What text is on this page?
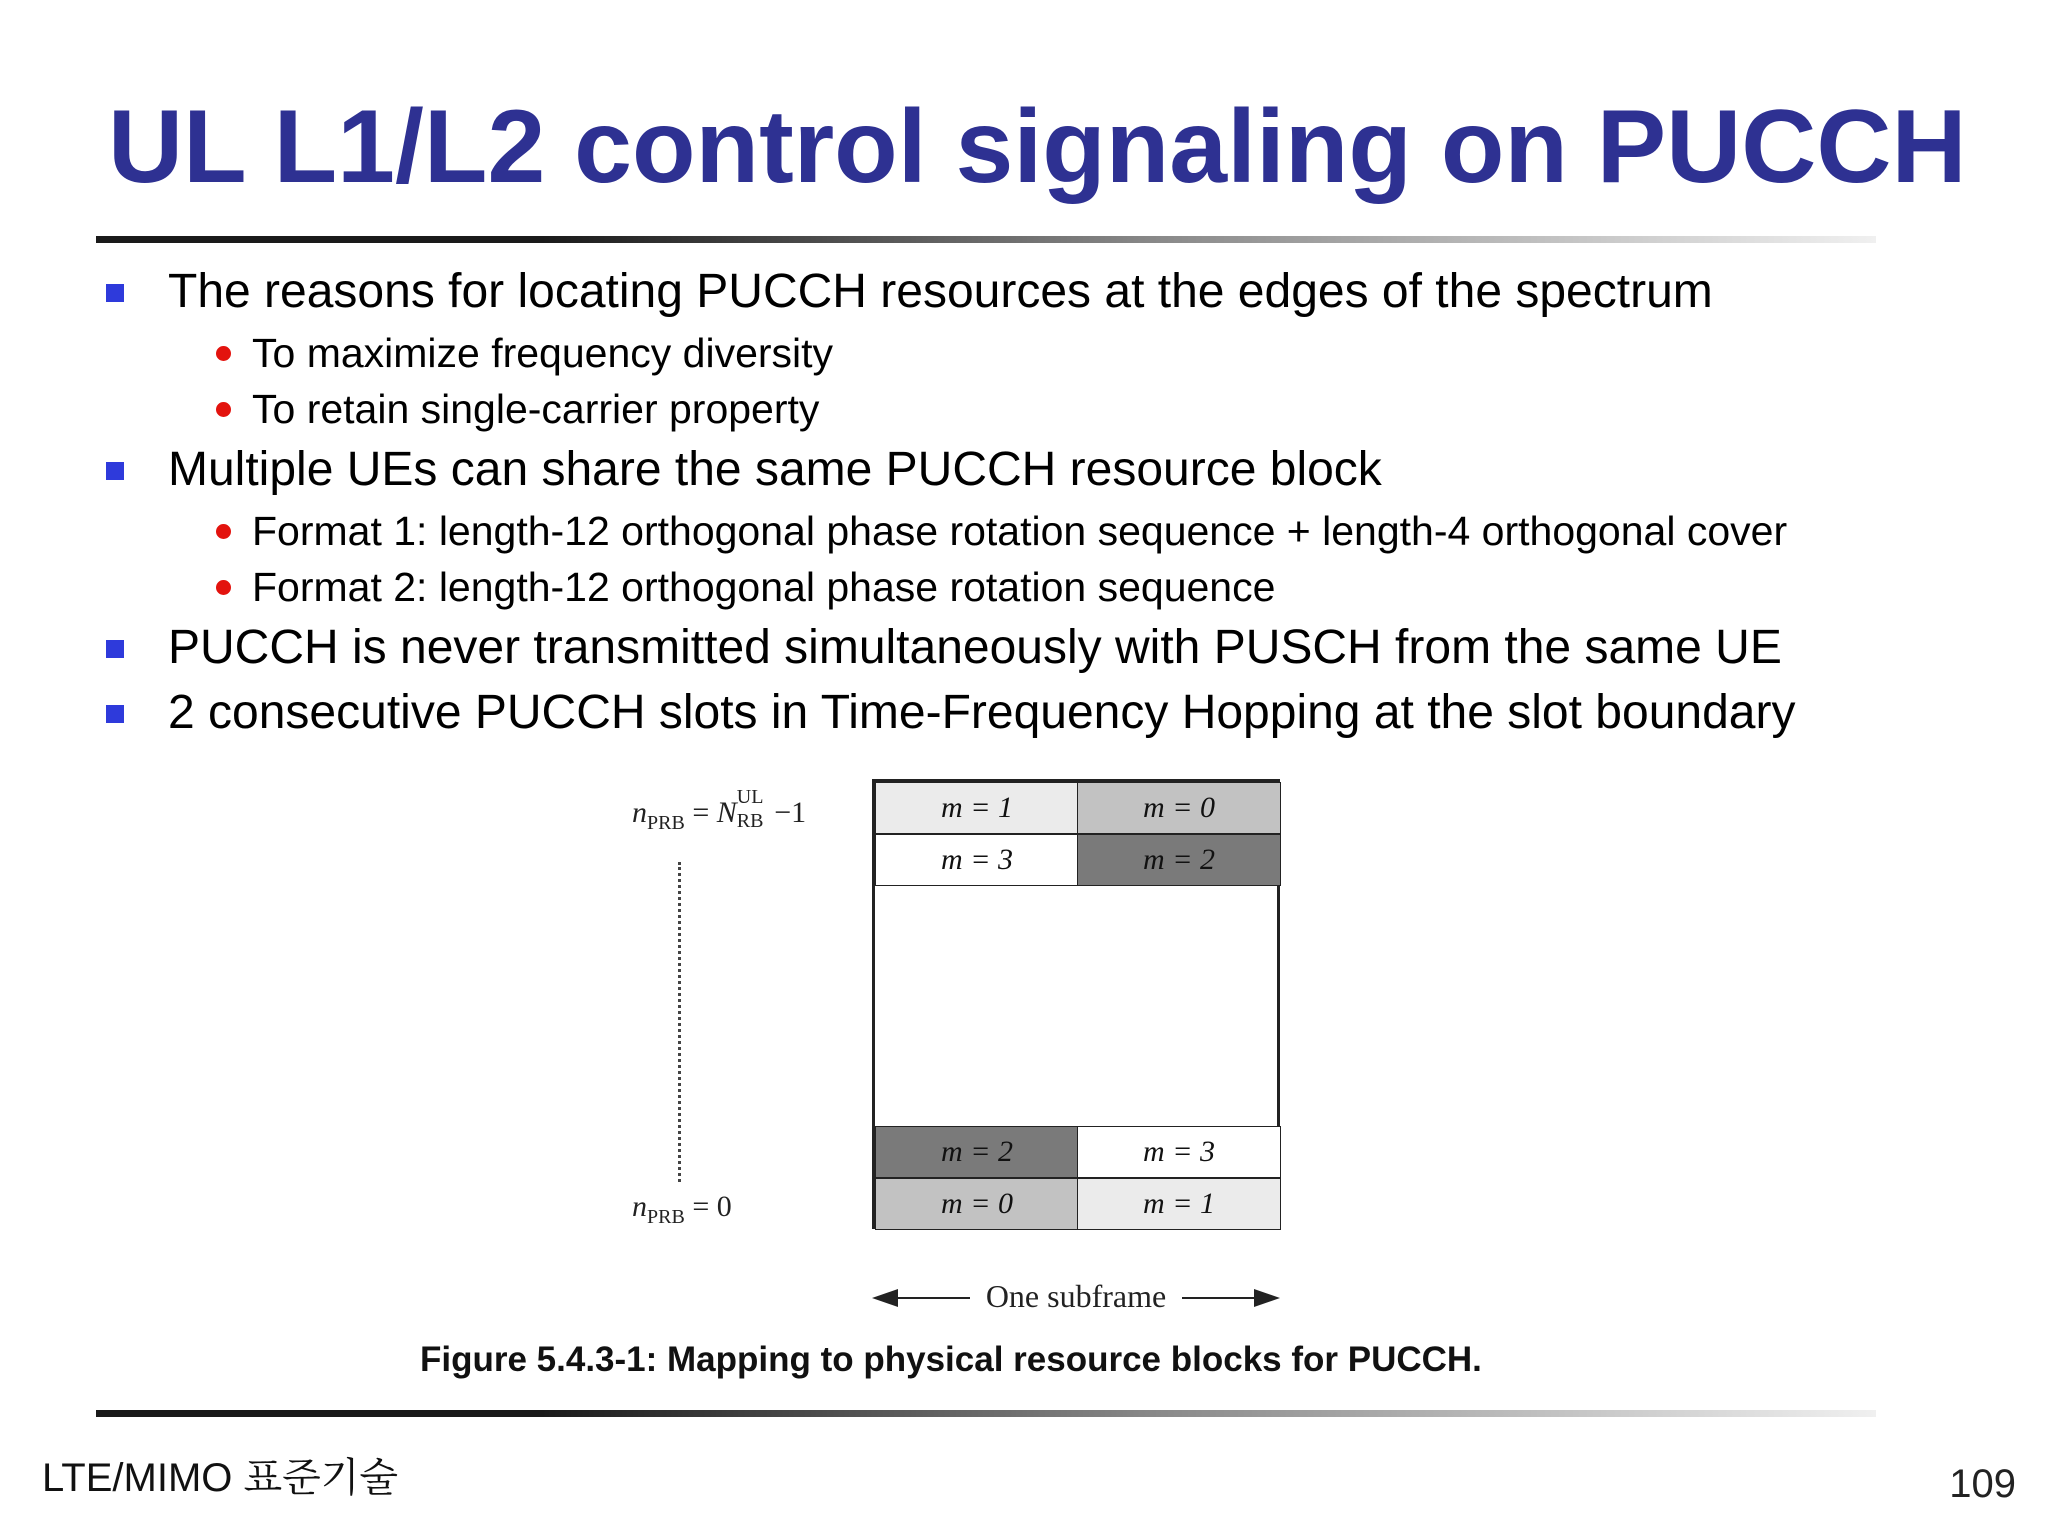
UL L1/L2 control signaling on PUCCH
The reasons for locating PUCCH resources at the edges of the spectrum
To maximize frequency diversity
To retain single-carrier property
Multiple UEs can share the same PUCCH resource block
Format 1: length-12 orthogonal phase rotation sequence + length-4 orthogonal cover
Format 2: length-12 orthogonal phase rotation sequence
PUCCH is never transmitted simultaneously with PUSCH from the same UE
2 consecutive PUCCH slots in Time-Frequency Hopping at the slot boundary
$n_{PRB} = N$ UL
RB −1
$n_{PRB} = 0$
m = 1	m = 0
m = 3	m = 2
m = 2	m = 3
m = 0	m = 1
One subframe
Figure 5.4.3-1: Mapping to physical resource blocks for PUCCH.
LTE/MIMO 표준기술	109
